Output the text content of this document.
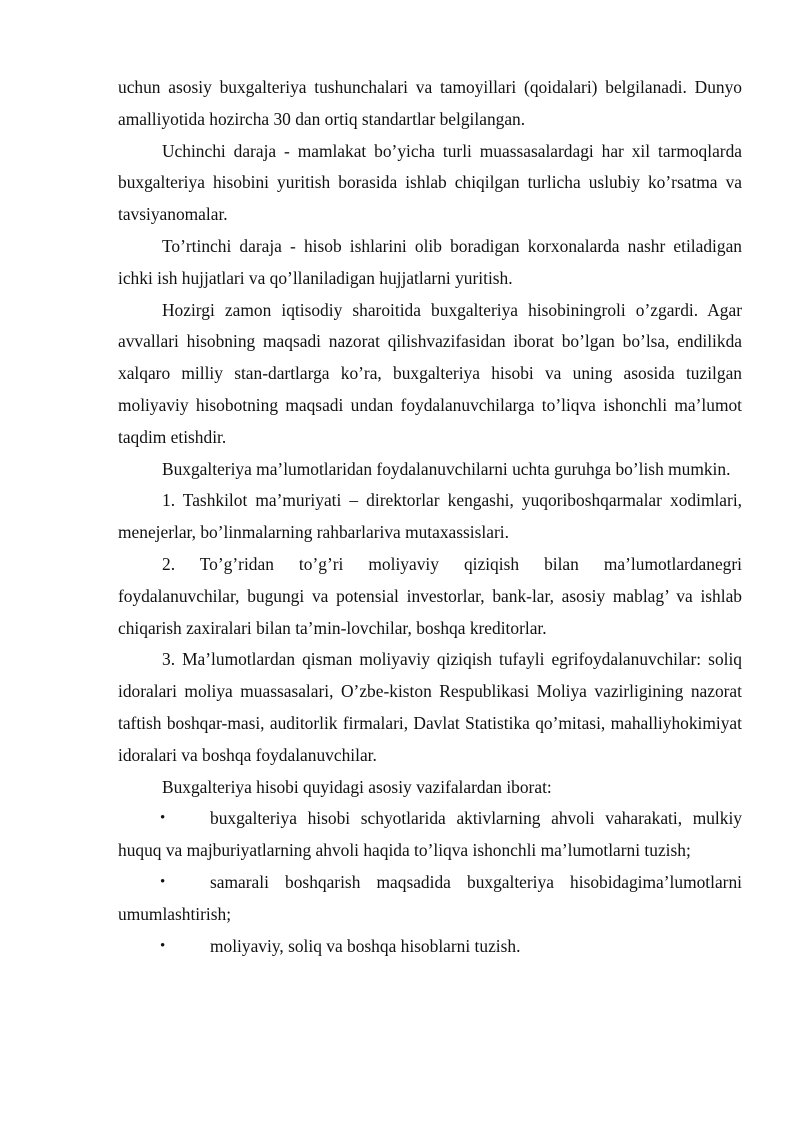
uchun asosiy buxgalteriya tushunchalari va tamoyillari (qoidalari) belgilanadi. Dunyo amalliyotida hozircha 30 dan ortiq standartlar belgilangan.

Uchinchi daraja - mamlakat bo’yicha turli muassasalardagi har xil tarmoqlarda buxgalteriya hisobini yuritish borasida ishlab chiqilgan turlicha uslubiy ko’rsatma va tavsiyanomalar.

To’rtinchi daraja - hisob ishlarini olib boradigan korxonalarda nashr etiladigan ichki ish hujjatlari va qo’llaniladigan hujjatlarni yuritish.

Hozirgi zamon iqtisodiy sharoitida buxgalteriya hisobiningroli o’zgardi. Agar avvallari hisobning maqsadi nazorat qilishvazifasidan iborat bo’lgan bo’lsa, endilikda xalqaro milliy stan-dartlarga ko’ra, buxgalteriya hisobi va uning asosida tuzilgan moliyaviy hisobotning maqsadi undan foydalanuvchilarga to’liqva ishonchli ma’lumot taqdim etishdir.

Buxgalteriya ma’lumotlaridan foydalanuvchilarni uchta guruhga bo’lish mumkin.

1. Tashkilot ma’muriyati – direktorlar kengashi, yuqoriboshqarmalar xodimlari, menejerlar, bo’linmalarning rahbarlariva mutaxassislari.

2. To’g’ridan to’g’ri moliyaviy qiziqish bilan ma’lumotlardanegri foydalanuvchilar, bugungi va potensial investorlar, bank-lar, asosiy mablag’ va ishlab chiqarish zaxiralari bilan ta’min-lovchilar, boshqa kreditorlar.

3. Ma’lumotlardan qisman moliyaviy qiziqish tufayli egrifoydalanuvchilar: soliq idoralari moliya muassasalari, O’zbe-kiston Respublikasi Moliya vazirligining nazorat taftish boshqar-masi, auditorlik firmalari, Davlat Statistika qo’mitasi, mahalliyhokimiyat idoralari va boshqa foydalanuvchilar.

Buxgalteriya hisobi quyidagi asosiy vazifalardan iborat:

•	buxgalteriya hisobi schyotlarida aktivlarning ahvoli vaharakati, mulkiy huquq va majburiyatlarning ahvoli haqida to’liqva ishonchli ma’lumotlarni tuzish;

•	samarali boshqarish maqsadida buxgalteriya hisobidagima’lumotlarni umumlashtirish;

•	moliyaviy, soliq va boshqa hisoblarni tuzish.
